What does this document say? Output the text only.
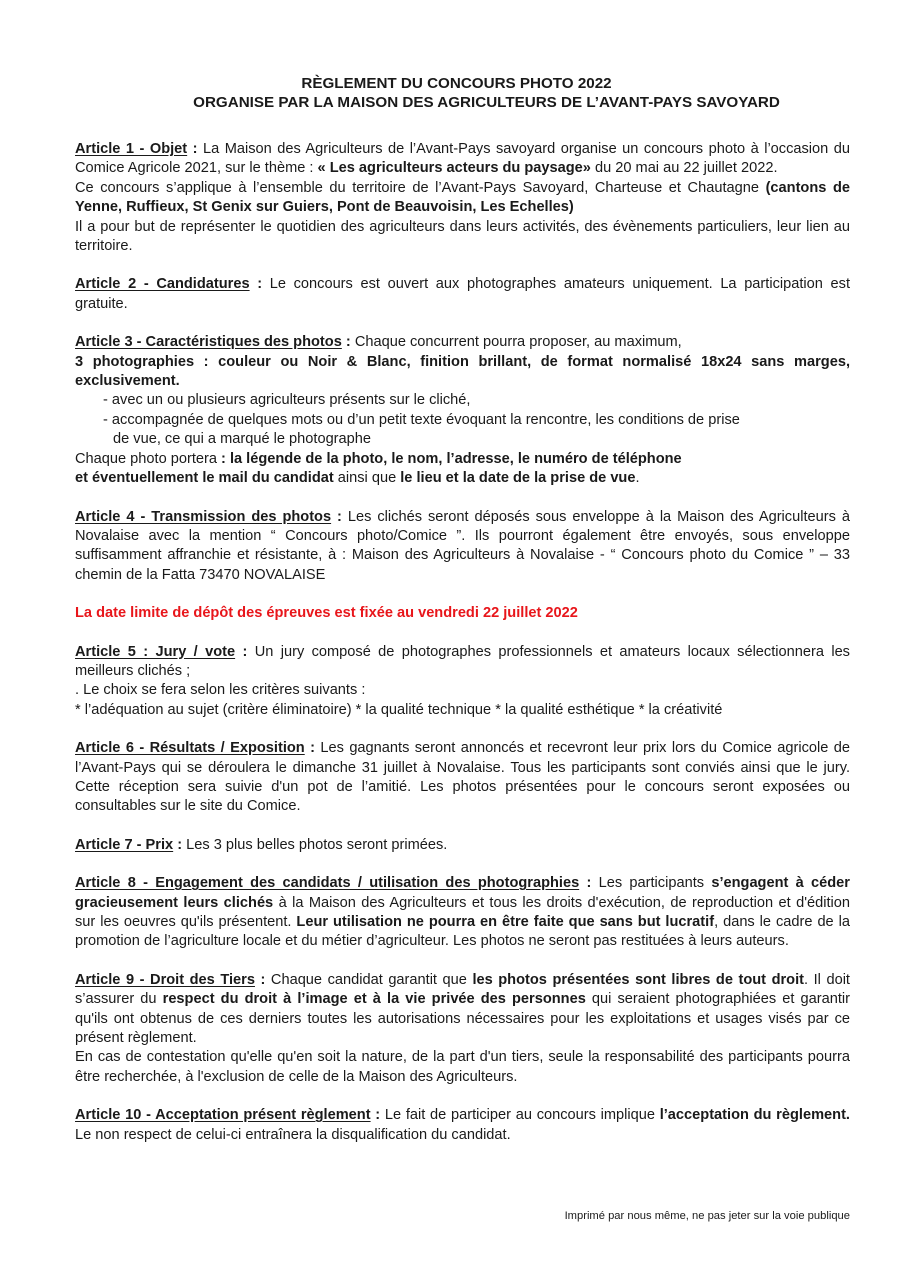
RÈGLEMENT DU CONCOURS PHOTO 2022
ORGANISE PAR LA MAISON DES AGRICULTEURS DE L’AVANT-PAYS SAVOYARD

Article 1 - Objet : La Maison des Agriculteurs de l’Avant-Pays savoyard organise un concours photo à l’occasion du Comice Agricole 2021, sur le thème : « Les agriculteurs acteurs du paysage» du 20 mai au 22 juillet 2022.

Ce concours s’applique à l’ensemble du territoire de l’Avant-Pays Savoyard, Charteuse et Chautagne (cantons de Yenne, Ruffieux, St Genix sur Guiers, Pont de Beauvoisin, Les Echelles)

Il a pour but de représenter le quotidien des agriculteurs dans leurs activités, des évènements particuliers, leur lien au territoire.

Article 2 - Candidatures : Le concours est ouvert aux photographes amateurs uniquement. La participation est gratuite.

Article 3 - Caractéristiques des photos : Chaque concurrent pourra proposer, au maximum,

3 photographies : couleur ou Noir & Blanc, finition brillant, de format normalisé 18x24 sans marges, exclusivement.

- avec un ou plusieurs agriculteurs présents sur le cliché,

- accompagnée de quelques mots ou d’un petit texte évoquant la rencontre, les conditions de prise

de vue, ce qui a marqué le photographe

Chaque photo portera : la légende de la photo, le nom, l’adresse, le numéro de téléphone

et éventuellement le mail du candidat ainsi que le lieu et la date de la prise de vue.

Article 4 - Transmission des photos : Les clichés seront déposés sous enveloppe à la Maison des Agriculteurs à Novalaise avec la mention “ Concours photo/Comice ”. Ils pourront également être envoyés, sous enveloppe suffisamment affranchie et résistante, à : Maison des Agriculteurs à Novalaise - “ Concours photo du Comice ” – 33 chemin de la Fatta 73470 NOVALAISE

La date limite de dépôt des épreuves est fixée au vendredi 22 juillet 2022

Article 5 : Jury / vote : Un jury composé de photographes professionnels et amateurs locaux sélectionnera les meilleurs clichés ;

. Le choix se fera selon les critères suivants :

* l’adéquation au sujet (critère éliminatoire) * la qualité technique * la qualité esthétique * la créativité

Article 6 - Résultats / Exposition : Les gagnants seront annoncés et recevront leur prix lors du Comice agricole de l’Avant-Pays qui se déroulera le dimanche 31 juillet à Novalaise. Tous les participants sont conviés ainsi que le jury. Cette réception sera suivie d'un pot de l’amitié. Les photos présentées pour le concours seront exposées ou consultables sur le site du Comice.

Article 7 - Prix : Les 3 plus belles photos seront primées.

Article 8 - Engagement des candidats / utilisation des photographies : Les participants s’engagent à céder gracieusement leurs clichés à la Maison des Agriculteurs et tous les droits d'exécution, de reproduction et d'édition sur les oeuvres qu'ils présentent. Leur utilisation ne pourra en être faite que sans but lucratif, dans le cadre de la promotion de l’agriculture locale et du métier d’agriculteur. Les photos ne seront pas restituées à leurs auteurs.

Article 9 - Droit des Tiers : Chaque candidat garantit que les photos présentées sont libres de tout droit. Il doit s’assurer du respect du droit à l’image et à la vie privée des personnes qui seraient photographiées et garantir qu'ils ont obtenus de ces derniers toutes les autorisations nécessaires pour les exploitations et usages visés par ce présent règlement.

En cas de contestation qu'elle qu'en soit la nature, de la part d'un tiers, seule la responsabilité des participants pourra être recherchée, à l'exclusion de celle de la Maison des Agriculteurs.

Article 10 - Acceptation présent règlement : Le fait de participer au concours implique l’acceptation du règlement. Le non respect de celui-ci entraînera la disqualification du candidat.

Imprimé par nous même, ne pas jeter sur la voie publique
